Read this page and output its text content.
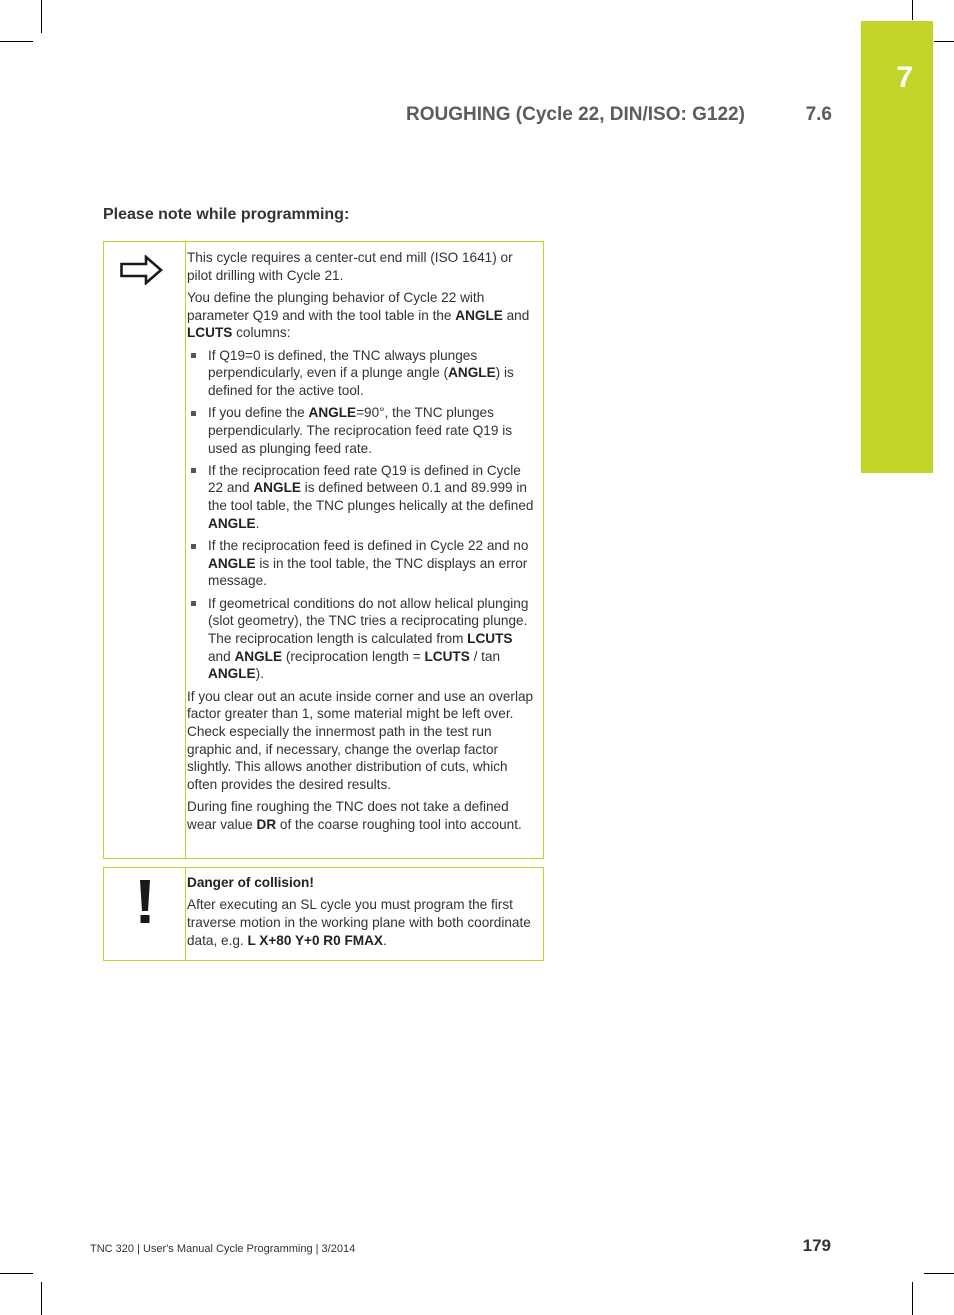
7
ROUGHING (Cycle 22, DIN/ISO: G122)	7.6
Please note while programming:

This cycle requires a center-cut end mill (ISO 1641) or pilot drilling with Cycle 21.

You define the plunging behavior of Cycle 22 with parameter Q19 and with the tool table in the ANGLE and LCUTS columns:

If Q19=0 is defined, the TNC always plunges perpendicularly, even if a plunge angle (ANGLE) is defined for the active tool.
If you define the ANGLE=90°, the TNC plunges perpendicularly. The reciprocation feed rate Q19 is used as plunging feed rate.
If the reciprocation feed rate Q19 is defined in Cycle 22 and ANGLE is defined between 0.1 and 89.999 in the tool table, the TNC plunges helically at the defined ANGLE.
If the reciprocation feed is defined in Cycle 22 and no ANGLE is in the tool table, the TNC displays an error message.
If geometrical conditions do not allow helical plunging (slot geometry), the TNC tries a reciprocating plunge. The reciprocation length is calculated from LCUTS and ANGLE (reciprocation length = LCUTS / tan ANGLE).

If you clear out an acute inside corner and use an overlap factor greater than 1, some material might be left over. Check especially the innermost path in the test run graphic and, if necessary, change the overlap factor slightly. This allows another distribution of cuts, which often provides the desired results.

During fine roughing the TNC does not take a defined wear value DR of the coarse roughing tool into account.

Danger of collision!

After executing an SL cycle you must program the first traverse motion in the working plane with both coordinate data, e.g. L X+80 Y+0 R0 FMAX.

TNC 320 | User's Manual Cycle Programming | 3/2014	179
